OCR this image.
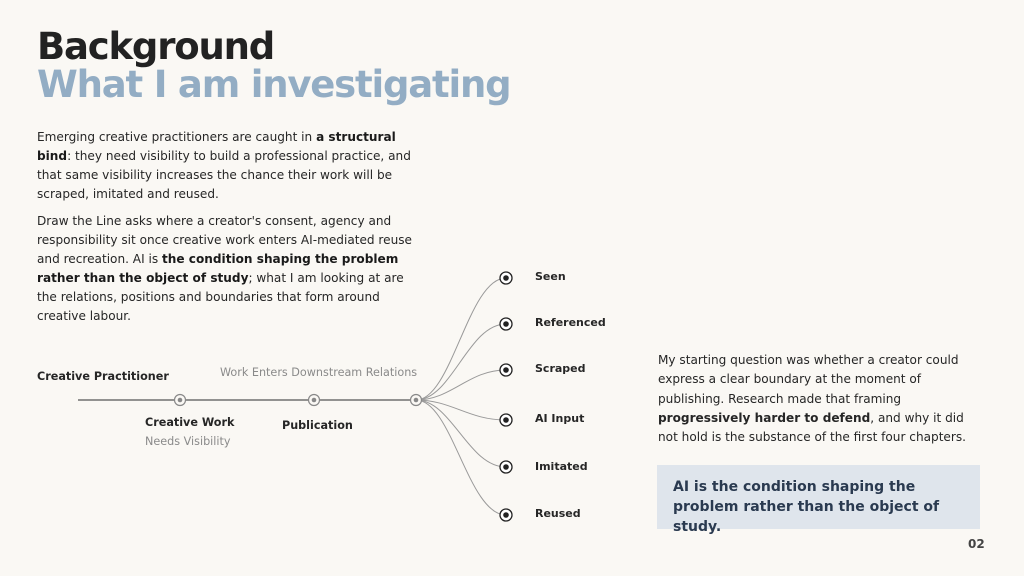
Background
What I am investigating

Emerging creative practitioners are caught in a structural bind: they need visibility to build a professional practice, and that same visibility increases the chance their work will be scraped, imitated and reused.

Draw the Line asks where a creator's consent, agency and responsibility sit once creative work enters AI-mediated reuse and recreation. AI is the condition shaping the problem rather than the object of study; what I am looking at are the relations, positions and boundaries that form around creative labour.

Creative Practitioner
Creative Work
Needs Visibility
Publication
Work Enters Downstream Relations
Seen
Referenced
Scraped
AI Input
Imitated
Reused

My starting question was whether a creator could express a clear boundary at the moment of publishing. Research made that framing progressively harder to defend, and why it did not hold is the substance of the first four chapters.

AI is the condition shaping the problem rather than the object of study.
02
